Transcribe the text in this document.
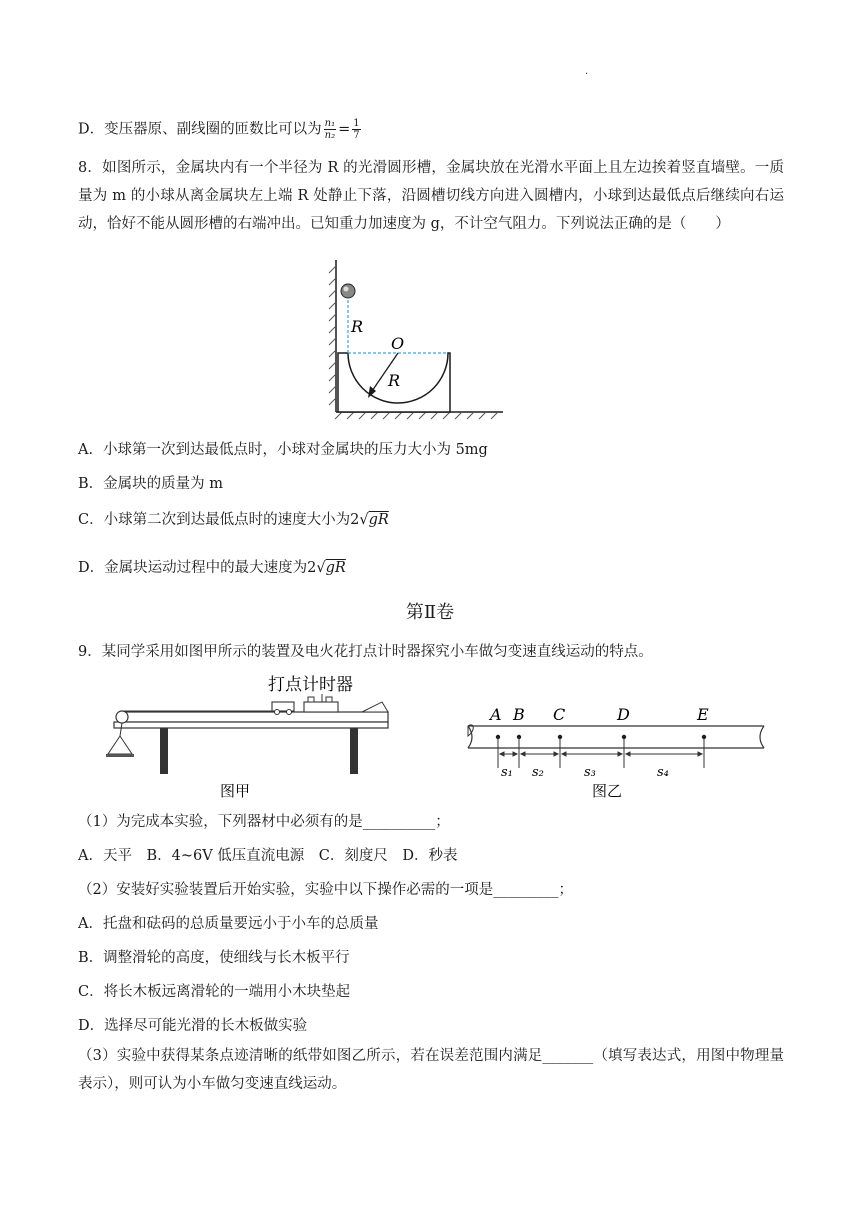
.
D．变压器原、副线圈的匝数比可以为 $\frac{\text{n₁}}{\text{n₂}} = \frac{1}{7}$
8．如图所示，金属块内有一个半径为 R 的光滑圆形槽，金属块放在光滑水平面上且左边挨着竖直墙壁。一质量为 m 的小球从离金属块左上端 R 处静止下落，沿圆槽切线方向进入圆槽内，小球到达最低点后继续向右运动，恰好不能从圆形槽的右端冲出。已知重力加速度为 g，不计空气阻力。下列说法正确的是（　　）
R
O
R
A．小球第一次到达最低点时，小球对金属块的压力大小为 5mg
B．金属块的质量为 m
C．小球第二次到达最低点时的速度大小为2√gR
D．金属块运动过程中的最大速度为2√gR
第Ⅱ卷
9．某同学采用如图甲所示的装置及电火花打点计时器探究小车做匀变速直线运动的特点。
打点计时器
图甲
A B C	D	E
s₁ s₂	s₃	s₄
图乙
（1）为完成本实验，下列器材中必须有的是__________；
A．天平　B．4~6V 低压直流电源　C．刻度尺　D．秒表
（2）安装好实验装置后开始实验，实验中以下操作必需的一项是_________；
A．托盘和砝码的总质量要远小于小车的总质量
B．调整滑轮的高度，使细线与长木板平行
C．将长木板远离滑轮的一端用小木块垫起
D．选择尽可能光滑的长木板做实验
（3）实验中获得某条点迹清晰的纸带如图乙所示，若在误差范围内满足_______（填写表达式，用图中物理量表示），则可认为小车做匀变速直线运动。
